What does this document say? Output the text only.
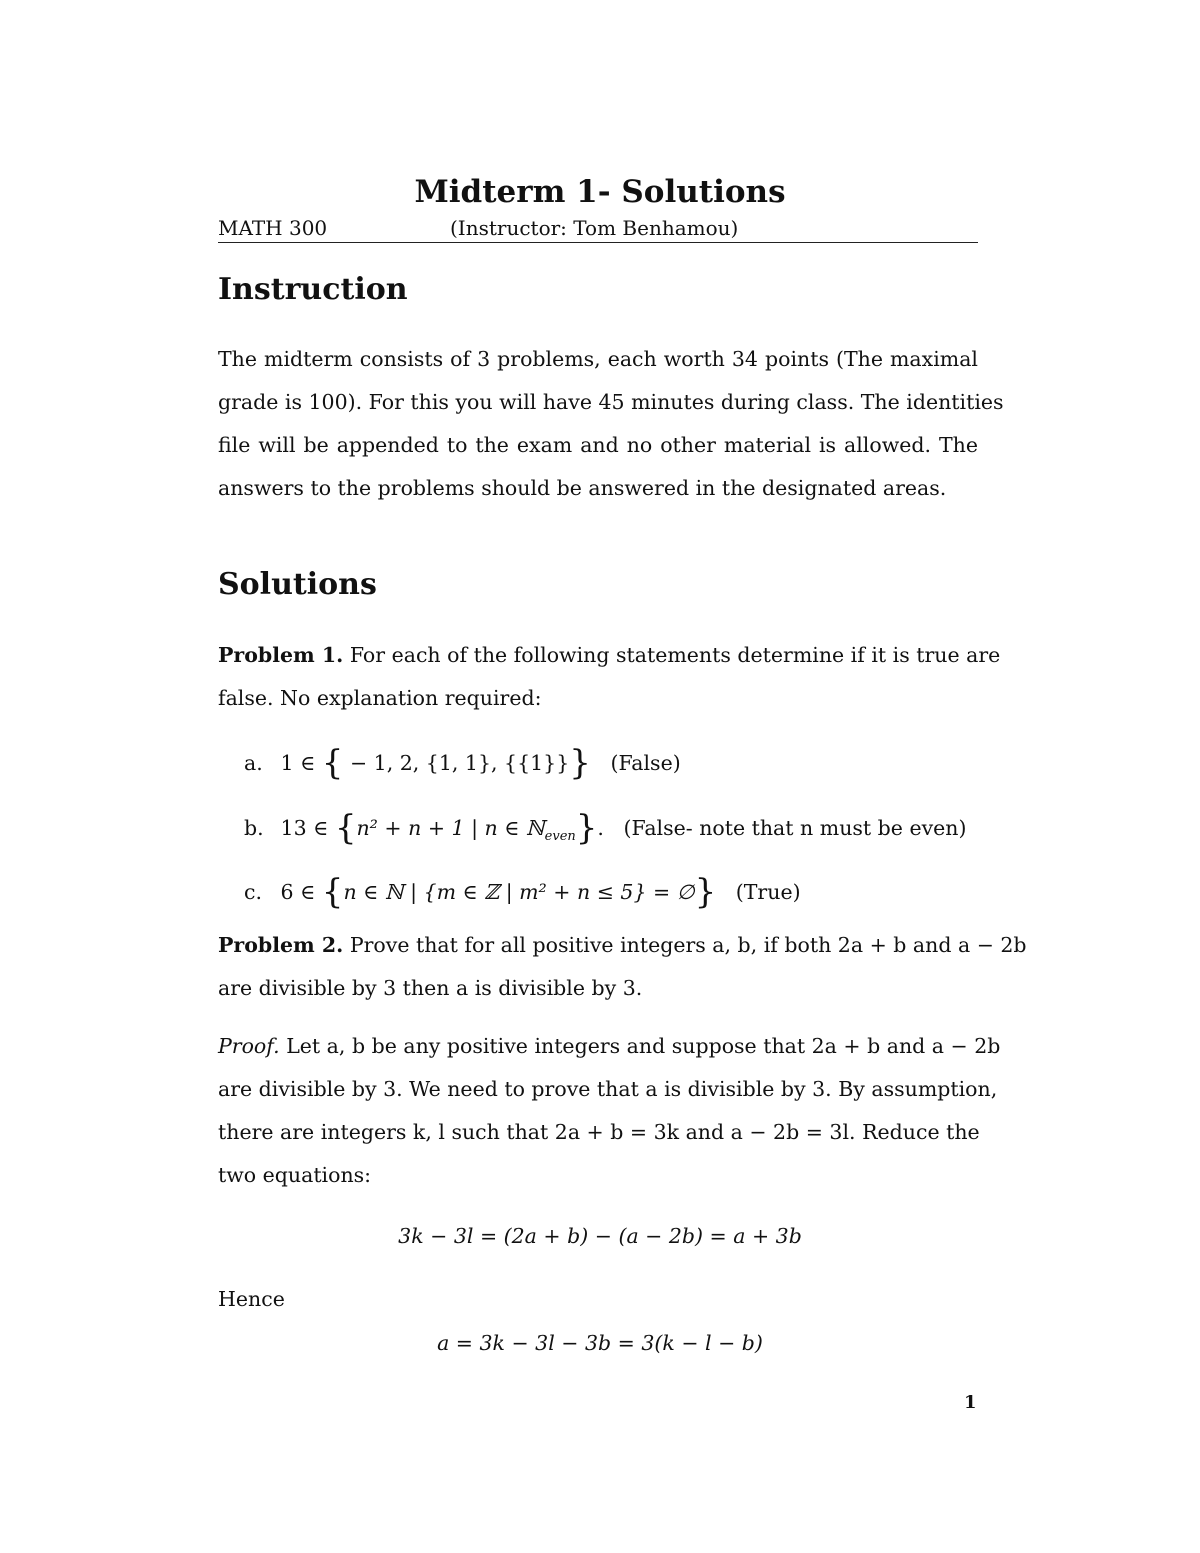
Midterm 1- Solutions
MATH 300	(Instructor: Tom Benhamou)
Instruction
The midterm consists of 3 problems, each worth 34 points (The maximal
grade is 100). For this you will have 45 minutes during class. The identities
file will be appended to the exam and no other material is allowed. The
answers to the problems should be answered in the designated areas.
Solutions
Problem 1. For each of the following statements determine if it is true are
false. No explanation required:
a. 1 ∈ { − 1, 2, {1, 1}, {{1}}} (False)
b. 13 ∈ {n² + n + 1 | n ∈ ℕ$_{even}$}.   (False- note that n must be even)
c. 6 ∈ {n ∈ ℕ | {m ∈ ℤ | m² + n ≤ 5} = ∅} (True)
Problem 2. Prove that for all positive integers a, b, if both 2a + b and a − 2b
are divisible by 3 then a is divisible by 3.
Proof. Let a, b be any positive integers and suppose that 2a + b and a − 2b
are divisible by 3. We need to prove that a is divisible by 3. By assumption,
there are integers k, l such that 2a + b = 3k and a − 2b = 3l. Reduce the
two equations:
3k − 3l = (2a + b) − (a − 2b) = a + 3b
Hence
a = 3k − 3l − 3b = 3(k − l − b)
1
